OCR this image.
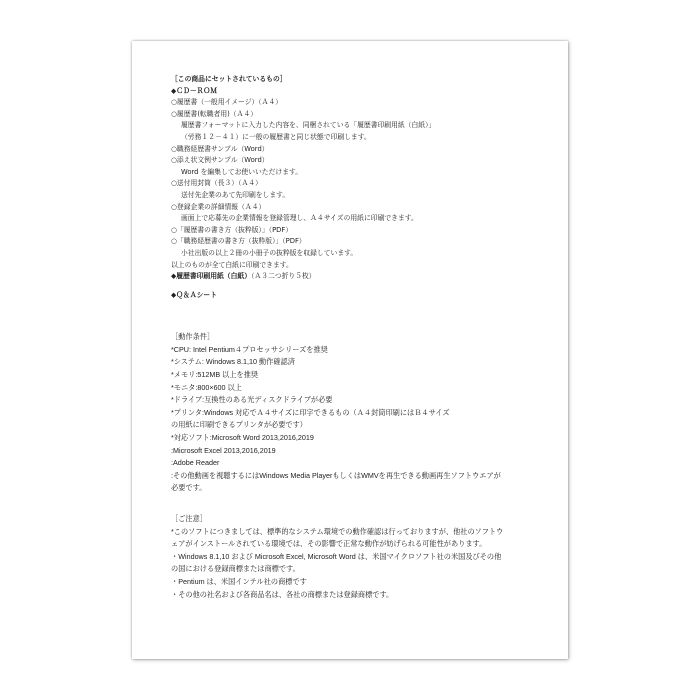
［この商品にセットされているもの］
◆ＣＤ－ＲＯＭ
○履歴書（一般用イメージ）（Ａ４）
○履歴書(転職者用)（Ａ４）
履歴書フォーマットに入力した内容を、同梱されている「履歴書印刷用紙（白紙）」
（労務１２－４１）に一般の履歴書と同じ状態で印刷します。
○職務経歴書サンプル（Word）
○添え状文例サンプル（Word）
Word を編集してお使いいただけます。
○送付用封筒（長３）（Ａ４）
送付先企業のあて先印刷をします。
○登録企業の詳細情報（Ａ４）
画面上で応募先の企業情報を登録管理し、Ａ４サイズの用紙に印刷できます。
○「履歴書の書き方（抜粋版）」（PDF）
○「職務経歴書の書き方（抜粋版）」（PDF）
小社出版の以上２冊の小冊子の抜粋版を収録しています。
以上のものが全て白紙に印刷できます。
◆履歴書印刷用紙（白紙）（Ａ３二つ折り５枚）
◆Ｑ＆Ａシート
［動作条件］
*CPU: Intel Pentium４プロセッサシリーズを推奨
*システム: Windows 8.1,10 動作確認済
*メモリ:512MB 以上を推奨
*モニタ:800×600 以上
*ドライブ:互換性のある光ディスクドライブが必要
*プリンタ:Windows 対応でＡ４サイズに印字できるもの（Ａ４封筒印刷にはＢ４サイズ
の用紙に印刷できるプリンタが必要です）
*対応ソフト:Microsoft Word 2013,2016,2019
:Microsoft Excel 2013,2016,2019
:Adobe Reader
:その他動画を視聴するにはWindows Media PlayerもしくはWMVを再生できる動画再生ソフトウエアが
必要です。
［ご注意］
*このソフトにつきましては、標準的なシステム環境での動作確認は行っておりますが、他社のソフトウ
ェアがインストールされている環境では、その影響で正常な動作が妨げられる可能性があります。
・Windows 8.1,10 および Microsoft Excel, Microsoft Word は、米国マイクロソフト社の米国及びその他
の国における登録商標または商標です。
・Pentium は、米国インテル社の商標です
・その他の社名および各商品名は、各社の商標または登録商標です。
